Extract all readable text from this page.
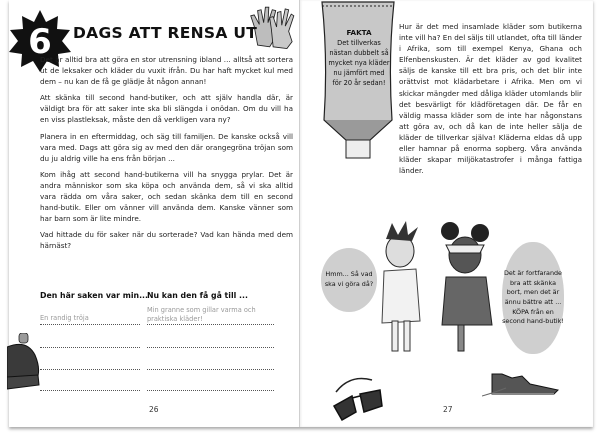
6 DAGS ATT RENSA UT

Det är alltid bra att göra en stor utrensning ibland ... alltså att sortera ut de leksaker och kläder du vuxit ifrån. Du har haft mycket kul med dem – nu kan de få ge glädje åt någon annan!

Att skänka till second hand-butiker, och att själv handla där, är väldigt bra för att saker inte ska bli slängda i onödan. Om du vill ha en viss plastleksak, måste den då verkligen vara ny?

Planera in en eftermiddag, och säg till familjen. De kanske också vill vara med. Dags att göra sig av med den där orangegröna tröjan som du ju aldrig ville ha ens från början ...

Kom ihåg att second hand-butikerna vill ha snygga prylar. Det är andra människor som ska köpa och använda dem, så vi ska alltid vara rädda om våra saker, och sedan skänka dem till en second hand-butik. Eller om vänner vill använda dem. Kanske vänner som har barn som är lite mindre.

Vad hittade du för saker när du sorterade? Vad kan hända med dem härnäst?

Den här saken var min... Nu kan den få gå till ...
En randig tröja
Min granne som gillar varma och praktiska kläder!
26
FAKTA
Det tillverkas nästan dubbelt så mycket nya kläder nu jämfört med för 20 år sedan!

Hur är det med insamlade kläder som butikerna inte vill ha? En del säljs till utlandet, ofta till länder i Afrika, som till exempel Kenya, Ghana och Elfenbenskusten. Är det kläder av god kvalitet säljs de kanske till ett bra pris, och det blir inte orättvist mot klädarbetare i Afrika. Men om vi skickar mängder med dåliga kläder utomlands blir det besvärligt för klädföretagen där. De får en väldig massa kläder som de inte har någonstans att göra av, och då kan de inte heller sälja de kläder de tillverkar själva! Kläderna eldas då upp eller hamnar på enorma sopberg. Våra använda kläder skapar miljökatastrofer i många fattiga länder.

Hmm... Så vad ska vi göra då?
Det är fortfarande bra att skänka bort, men det är ännu bättre att ... KÖPA från en second hand-butik!
27
